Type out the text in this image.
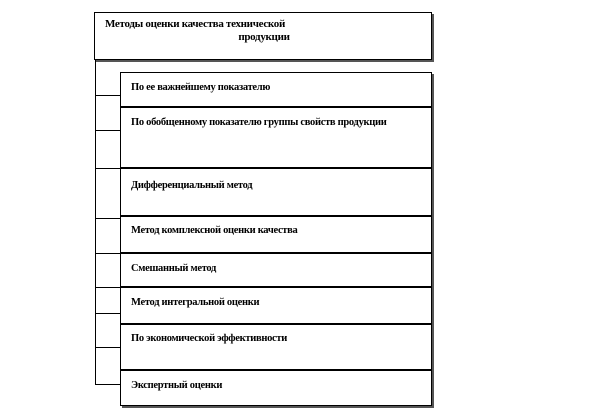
Методы оценки качества технической
продукции
По ее важнейшему показателю
По обобщенному показателю группы свойств продукции
Дифференциальный метод
Метод комплексной оценки качества
Смешанный метод
Метод интегральной оценки
По экономической эффективности
Экспертный оценки
